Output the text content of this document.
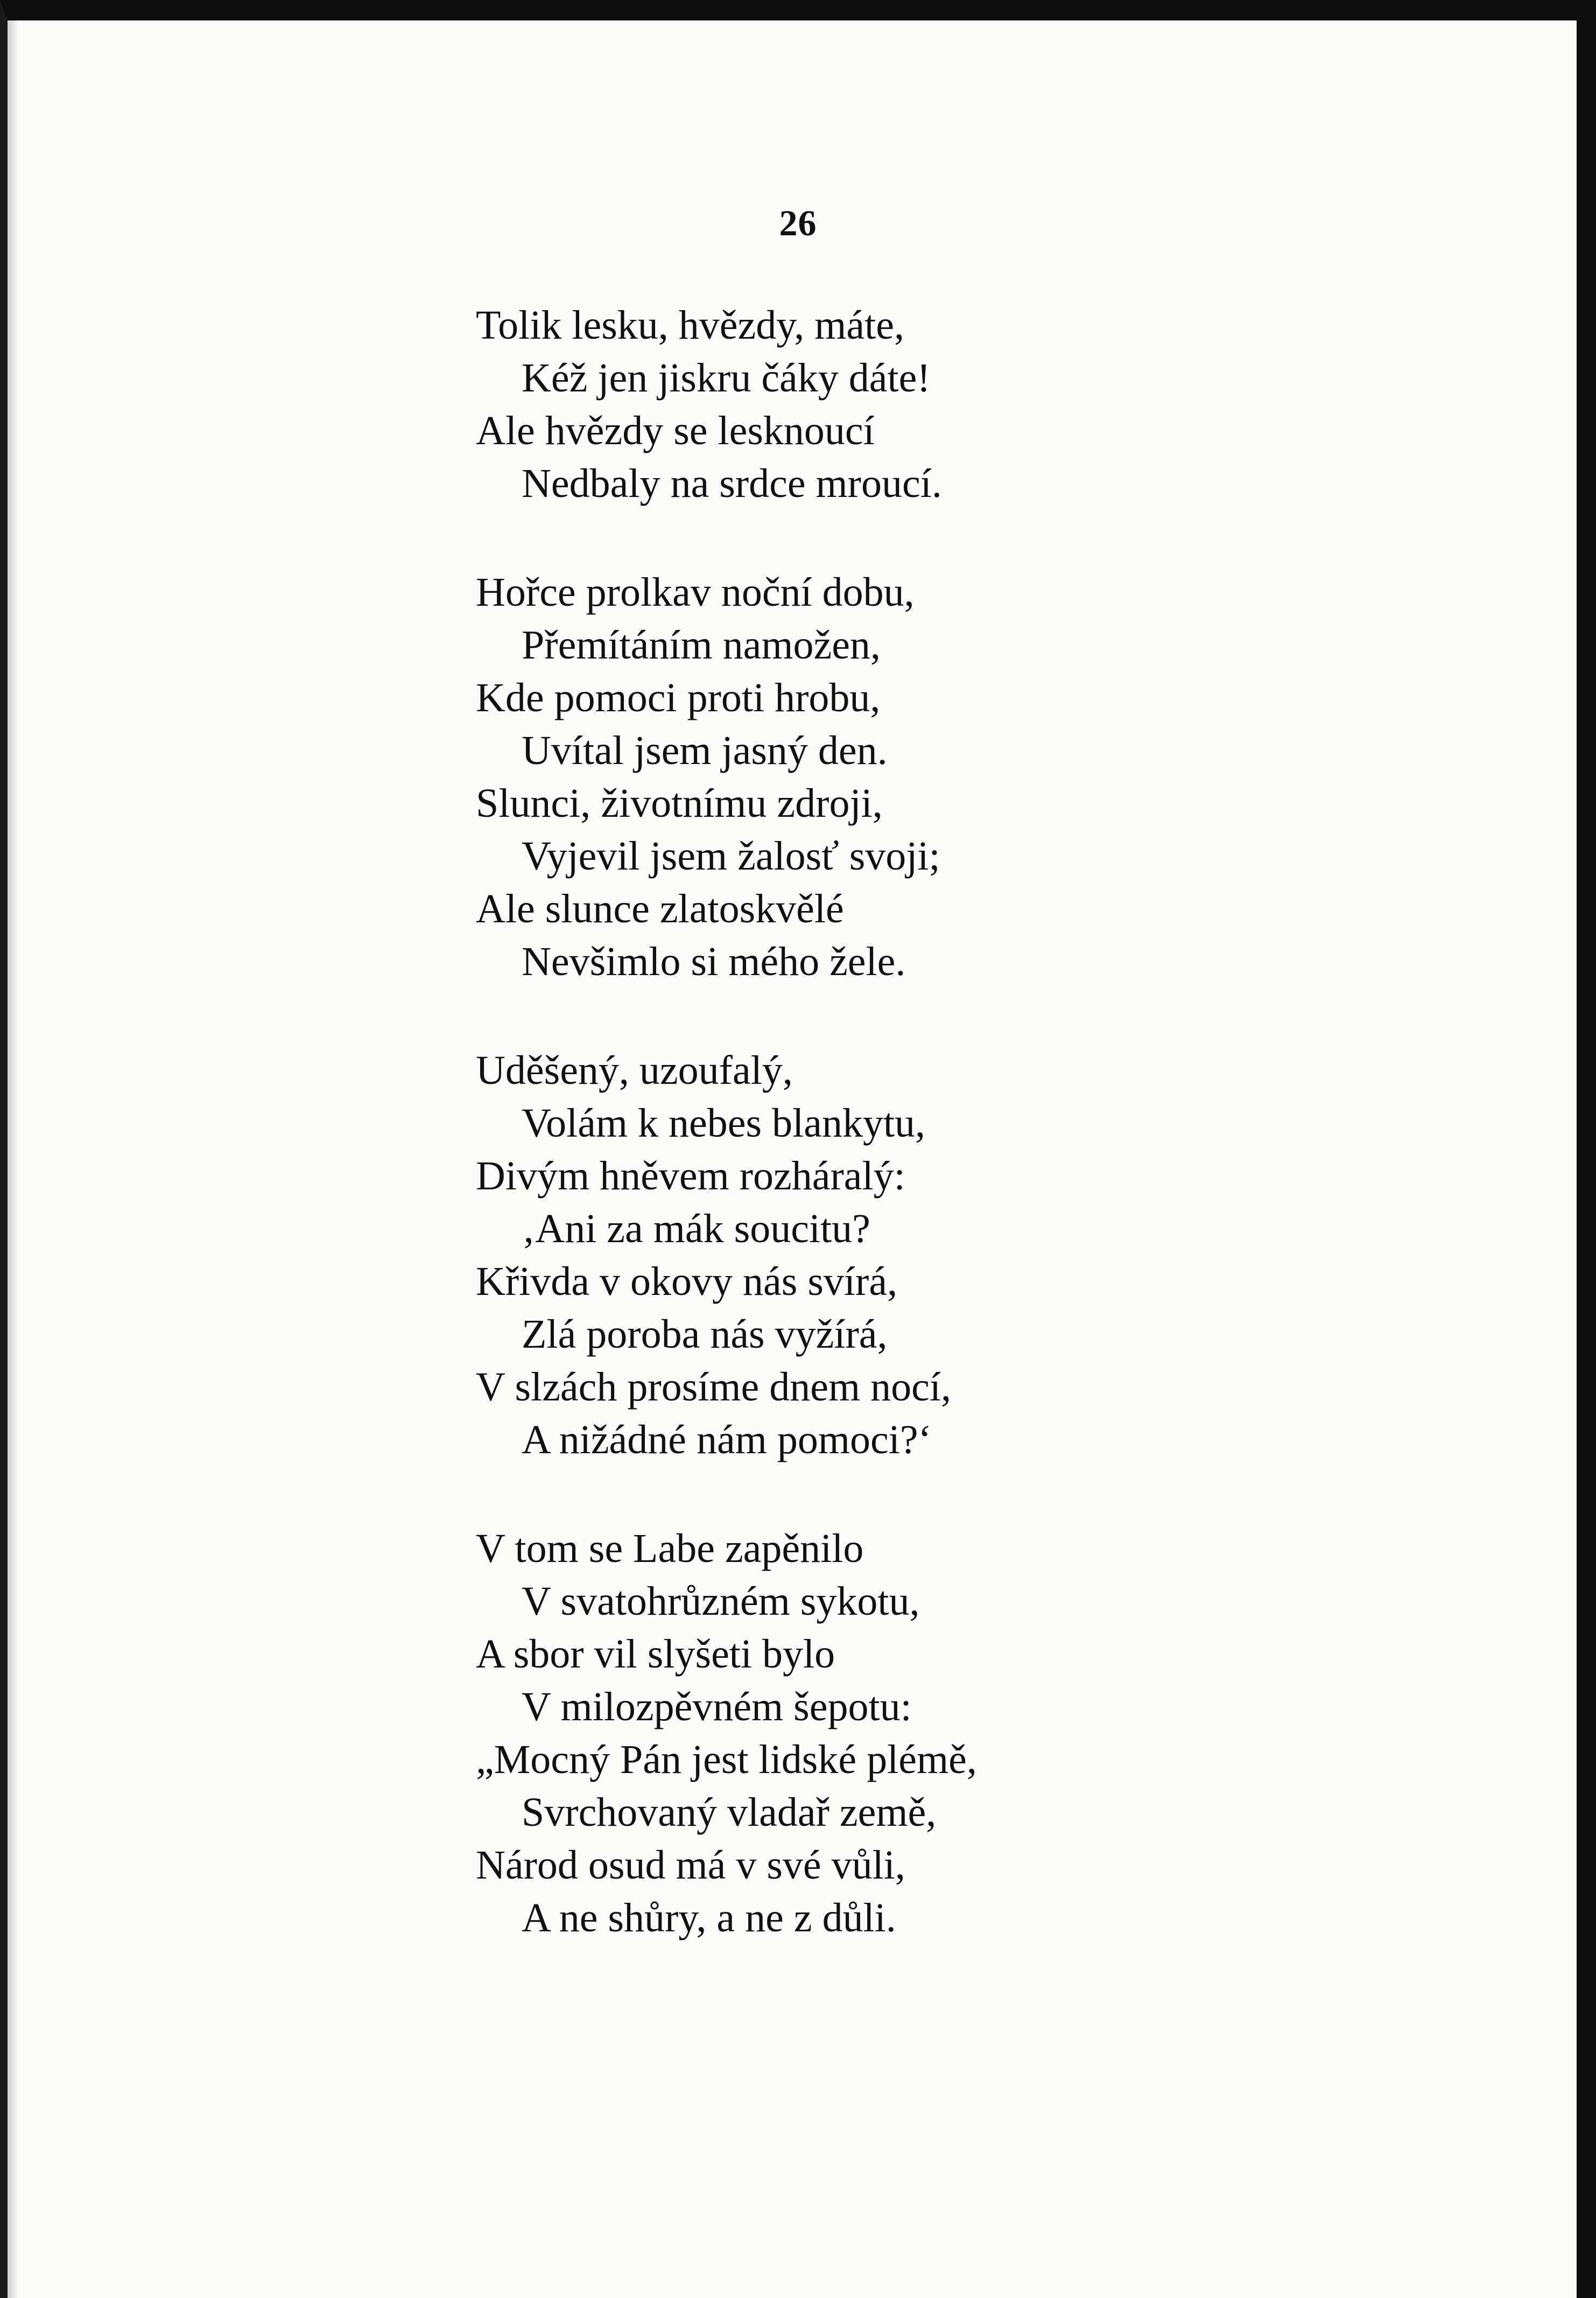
26
Tolik lesku, hvězdy, máte,
Kéž jen jiskru čáky dáte!
Ale hvězdy se lesknoucí
Nedbaly na srdce mroucí.
Hořce prolkav noční dobu,
Přemítáním namožen,
Kde pomoci proti hrobu,
Uvítal jsem jasný den.
Slunci, životnímu zdroji,
Vyjevil jsem žalosť svoji;
Ale slunce zlatoskvělé
Nevšimlo si mého žele.
Uděšený, uzoufalý,
Volám k nebes blankytu,
Divým hněvem rozháralý:
‚Ani za mák soucitu?
Křivda v okovy nás svírá,
Zlá poroba nás vyžírá,
V slzách prosíme dnem nocí,
A nižádné nám pomoci?‘
V tom se Labe zapěnilo
V svatohrůzném sykotu,
A sbor vil slyšeti bylo
V milozpěvném šepotu:
„Mocný Pán jest lidské plémě,
Svrchovaný vladař země,
Národ osud má v své vůli,
A ne shůry, a ne z důli.
